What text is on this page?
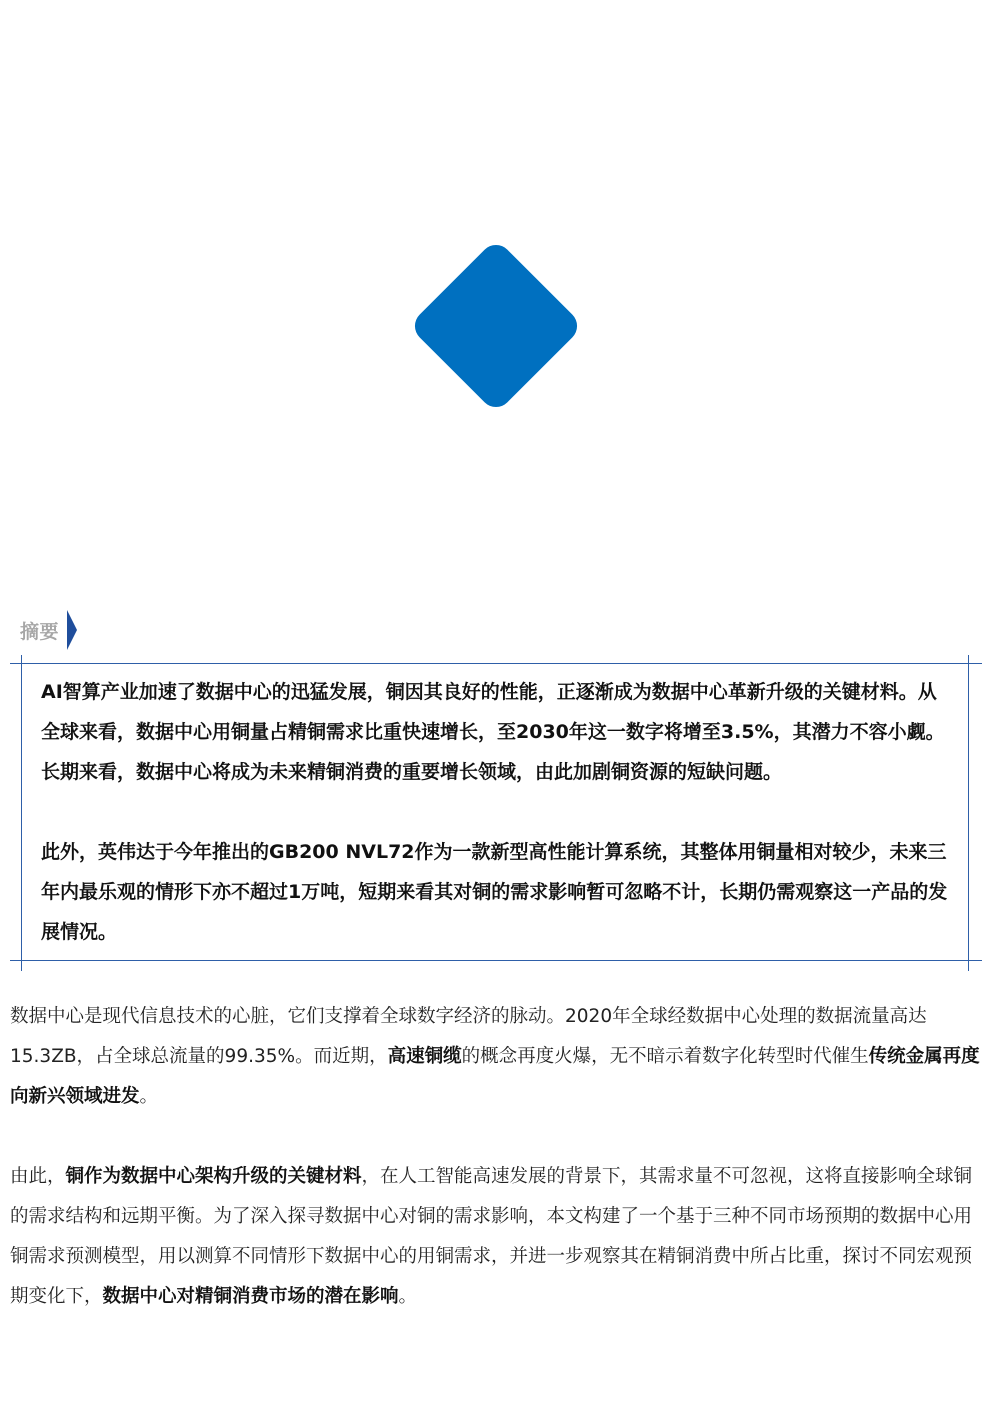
摘要

AI智算产业加速了数据中心的迅猛发展，铜因其良好的性能，正逐渐成为数据中心革新升级的关键材料。从全球来看，数据中心用铜量占精铜需求比重快速增长，至2030年这一数字将增至3.5%，其潜力不容小觑。长期来看，数据中心将成为未来精铜消费的重要增长领域，由此加剧铜资源的短缺问题。

此外，英伟达于今年推出的GB200 NVL72作为一款新型高性能计算系统，其整体用铜量相对较少，未来三年内最乐观的情形下亦不超过1万吨，短期来看其对铜的需求影响暂可忽略不计，长期仍需观察这一产品的发展情况。

数据中心是现代信息技术的心脏，它们支撑着全球数字经济的脉动。2020年全球经数据中心处理的数据流量高达15.3ZB，占全球总流量的99.35%。而近期，高速铜缆的概念再度火爆，无不暗示着数字化转型时代催生传统金属再度向新兴领域进发。

由此，铜作为数据中心架构升级的关键材料，在人工智能高速发展的背景下，其需求量不可忽视，这将直接影响全球铜的需求结构和远期平衡。为了深入探寻数据中心对铜的需求影响，本文构建了一个基于三种不同市场预期的数据中心用铜需求预测模型，用以测算不同情形下数据中心的用铜需求，并进一步观察其在精铜消费中所占比重，探讨不同宏观预期变化下，数据中心对精铜消费市场的潜在影响。
